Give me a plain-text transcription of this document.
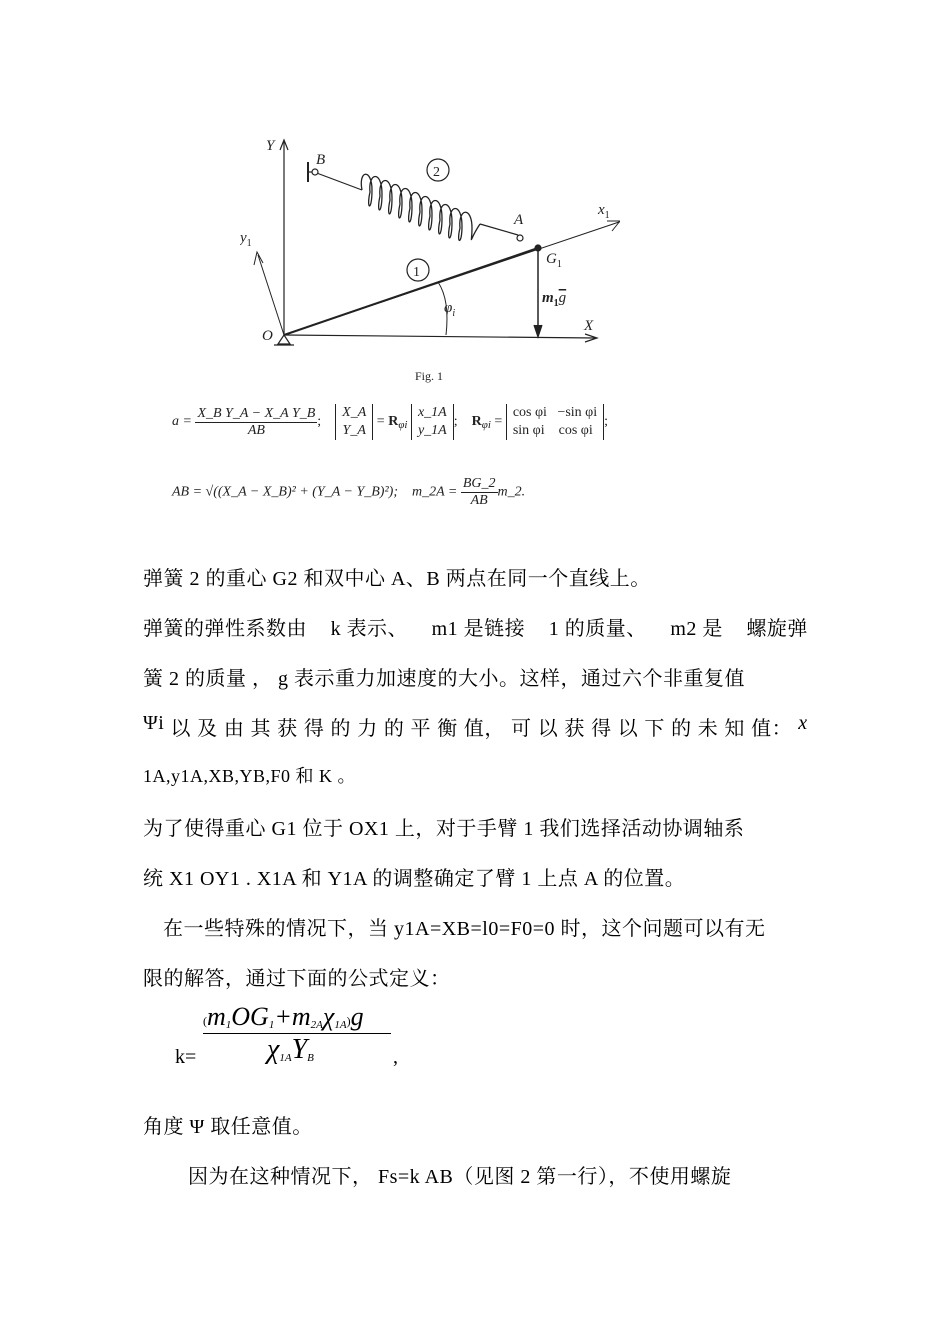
Y
X
$y_1$
$x_1$
O
A
B
$G_1$
$m_1g$
$\varphi_i$
1
2
Fig. 1
$a = \frac{\text{X\_B Y\_A − X\_A Y\_B}}{AB}$ ;    X_A
Y_A = $R_{\varphi i}$ x_1A
y_1A; $R_{\varphi i} = \cos \varphi i -\sin$ φi
sin φi cos φi;
AB = √((X_A − X_B)² + (Y_A − Y_B)²); m_2A = $\frac{BG\_2}{AB}$ m_2.
弹簧 2 的重心 G2 和双中心 A、B 两点在同一个直线上。
弹簧的弹性系数由 k 表示、 m1 是链接 1 的质量、 m2 是 螺旋弹
簧 2 的质量 ， g 表示重力加速度的大小。这样，通过六个非重复值
Ψi 以 及 由 其 获 得 的 力 的 平 衡 值， 可 以 获 得 以 下 的 未 知 值： x
1A,y1A,XB,YB,F0 和 K 。
为了使得重心 G1 位于 OX1 上，对于手臂 1 我们选择活动协调轴系
统 X1 OY1 . X1A 和 Y1A 的调整确定了臂 1 上点 A 的位置。
在一些特殊的情况下，当 y1A=XB=l0=F0=0 时，这个问题可以有无
限的解答，通过下面的公式定义：
$(m_1OG_1+m_{2A}\chi_{1A})g$
$\chi_{1A}Y_B$
k=	,
角度 Ψ 取任意值。
因为在这种情况下， Fs=k AB（见图 2 第一行），不使用螺旋
